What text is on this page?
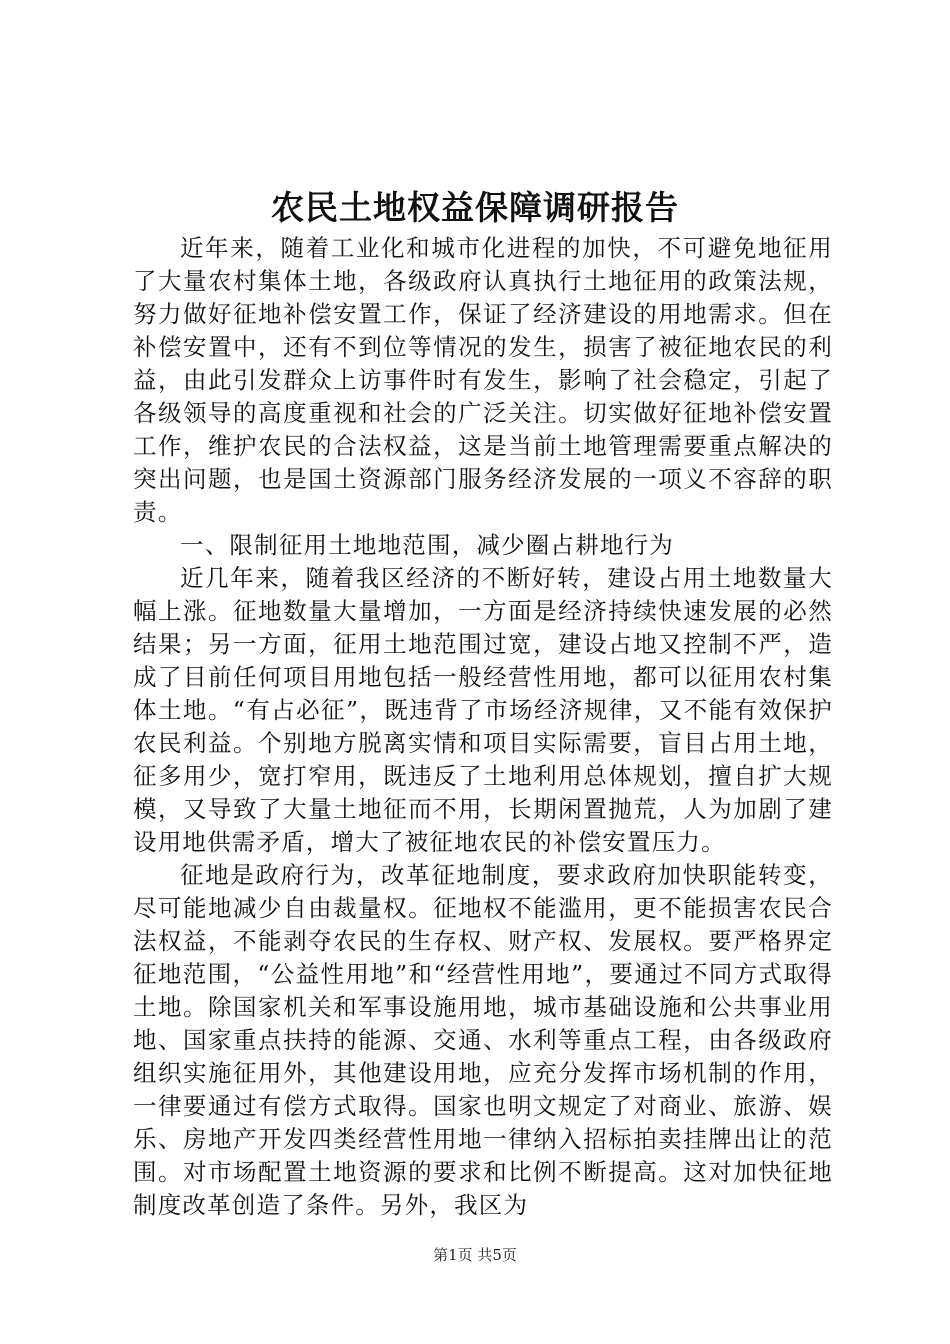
农民土地权益保障调研报告

近年来，随着工业化和城市化进程的加快，不可避免地征用了大量农村集体土地，各级政府认真执行土地征用的政策法规，努力做好征地补偿安置工作，保证了经济建设的用地需求。但在补偿安置中，还有不到位等情况的发生，损害了被征地农民的利益，由此引发群众上访事件时有发生，影响了社会稳定，引起了各级领导的高度重视和社会的广泛关注。切实做好征地补偿安置工作，维护农民的合法权益，这是当前土地管理需要重点解决的突出问题，也是国土资源部门服务经济发展的一项义不容辞的职责。

一、限制征用土地地范围，减少圈占耕地行为

近几年来，随着我区经济的不断好转，建设占用土地数量大幅上涨。征地数量大量增加，一方面是经济持续快速发展的必然结果；另一方面，征用土地范围过宽，建设占地又控制不严，造成了目前任何项目用地包括一般经营性用地，都可以征用农村集体土地。“有占必征”，既违背了市场经济规律，又不能有效保护农民利益。个别地方脱离实情和项目实际需要，盲目占用土地，征多用少，宽打窄用，既违反了土地利用总体规划，擅自扩大规模，又导致了大量土地征而不用，长期闲置抛荒，人为加剧了建设用地供需矛盾，增大了被征地农民的补偿安置压力。

征地是政府行为，改革征地制度，要求政府加快职能转变，尽可能地减少自由裁量权。征地权不能滥用，更不能损害农民合法权益，不能剥夺农民的生存权、财产权、发展权。要严格界定征地范围，“公益性用地”和“经营性用地”，要通过不同方式取得土地。除国家机关和军事设施用地，城市基础设施和公共事业用地、国家重点扶持的能源、交通、水利等重点工程，由各级政府组织实施征用外，其他建设用地，应充分发挥市场机制的作用，一律要通过有偿方式取得。国家也明文规定了对商业、旅游、娱乐、房地产开发四类经营性用地一律纳入招标拍卖挂牌出让的范围。对市场配置土地资源的要求和比例不断提高。这对加快征地制度改革创造了条件。另外，我区为

第1页 共5页
